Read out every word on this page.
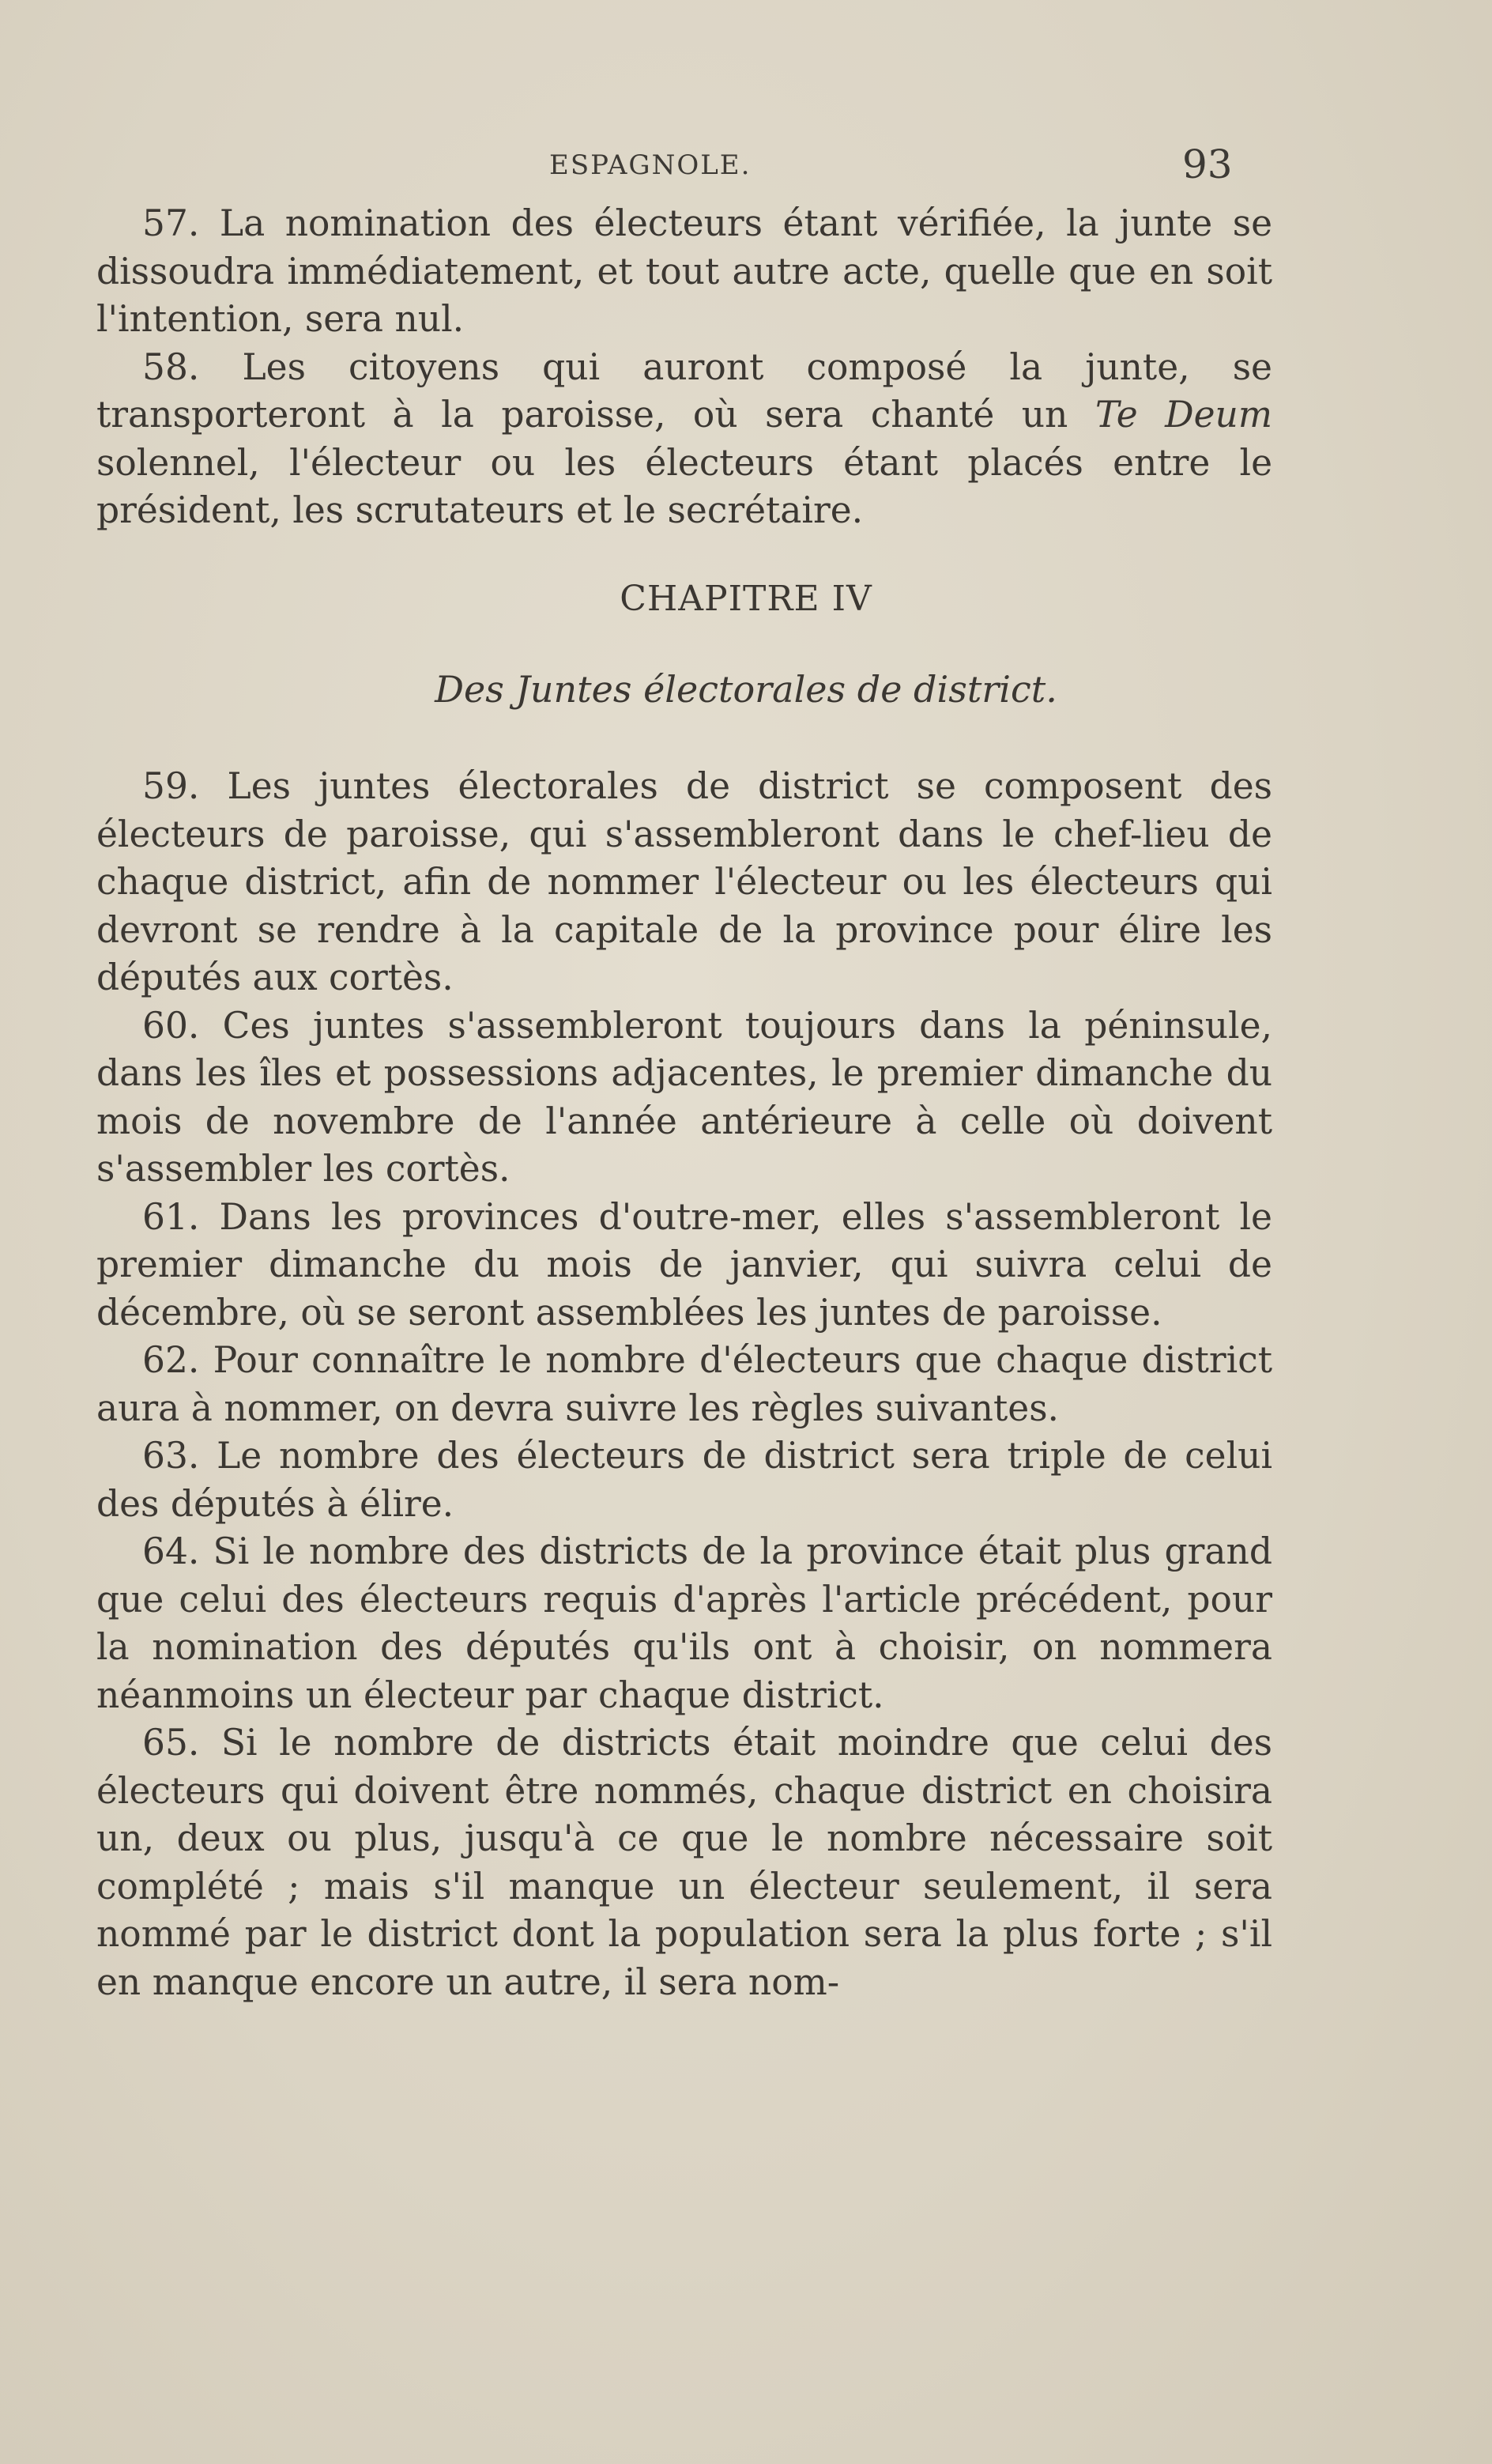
ESPAGNOLE.	93

57. La nomination des électeurs étant vérifiée, la junte se dissoudra immédiatement, et tout autre acte, quelle que en soit l'intention, sera nul.

58. Les citoyens qui auront composé la junte, se transporteront à la paroisse, où sera chanté un Te Deum solennel, l'électeur ou les électeurs étant placés entre le président, les scrutateurs et le secrétaire.

CHAPITRE IV
Des Juntes électorales de district.

59. Les juntes électorales de district se composent des électeurs de paroisse, qui s'assembleront dans le chef-lieu de chaque district, afin de nommer l'électeur ou les électeurs qui devront se rendre à la capitale de la province pour élire les députés aux cortès.

60. Ces juntes s'assembleront toujours dans la péninsule, dans les îles et possessions adjacentes, le premier dimanche du mois de novembre de l'année antérieure à celle où doivent s'assembler les cortès.

61. Dans les provinces d'outre-mer, elles s'assembleront le premier dimanche du mois de janvier, qui suivra celui de décembre, où se seront assemblées les juntes de paroisse.

62. Pour connaître le nombre d'électeurs que chaque district aura à nommer, on devra suivre les règles suivantes.

63. Le nombre des électeurs de district sera triple de celui des députés à élire.

64. Si le nombre des districts de la province était plus grand que celui des électeurs requis d'après l'article précédent, pour la nomination des députés qu'ils ont à choisir, on nommera néanmoins un électeur par chaque district.

65. Si le nombre de districts était moindre que celui des électeurs qui doivent être nommés, chaque district en choisira un, deux ou plus, jusqu'à ce que le nombre nécessaire soit complété ; mais s'il manque un électeur seulement, il sera nommé par le district dont la population sera la plus forte ; s'il en manque encore un autre, il sera nom-
